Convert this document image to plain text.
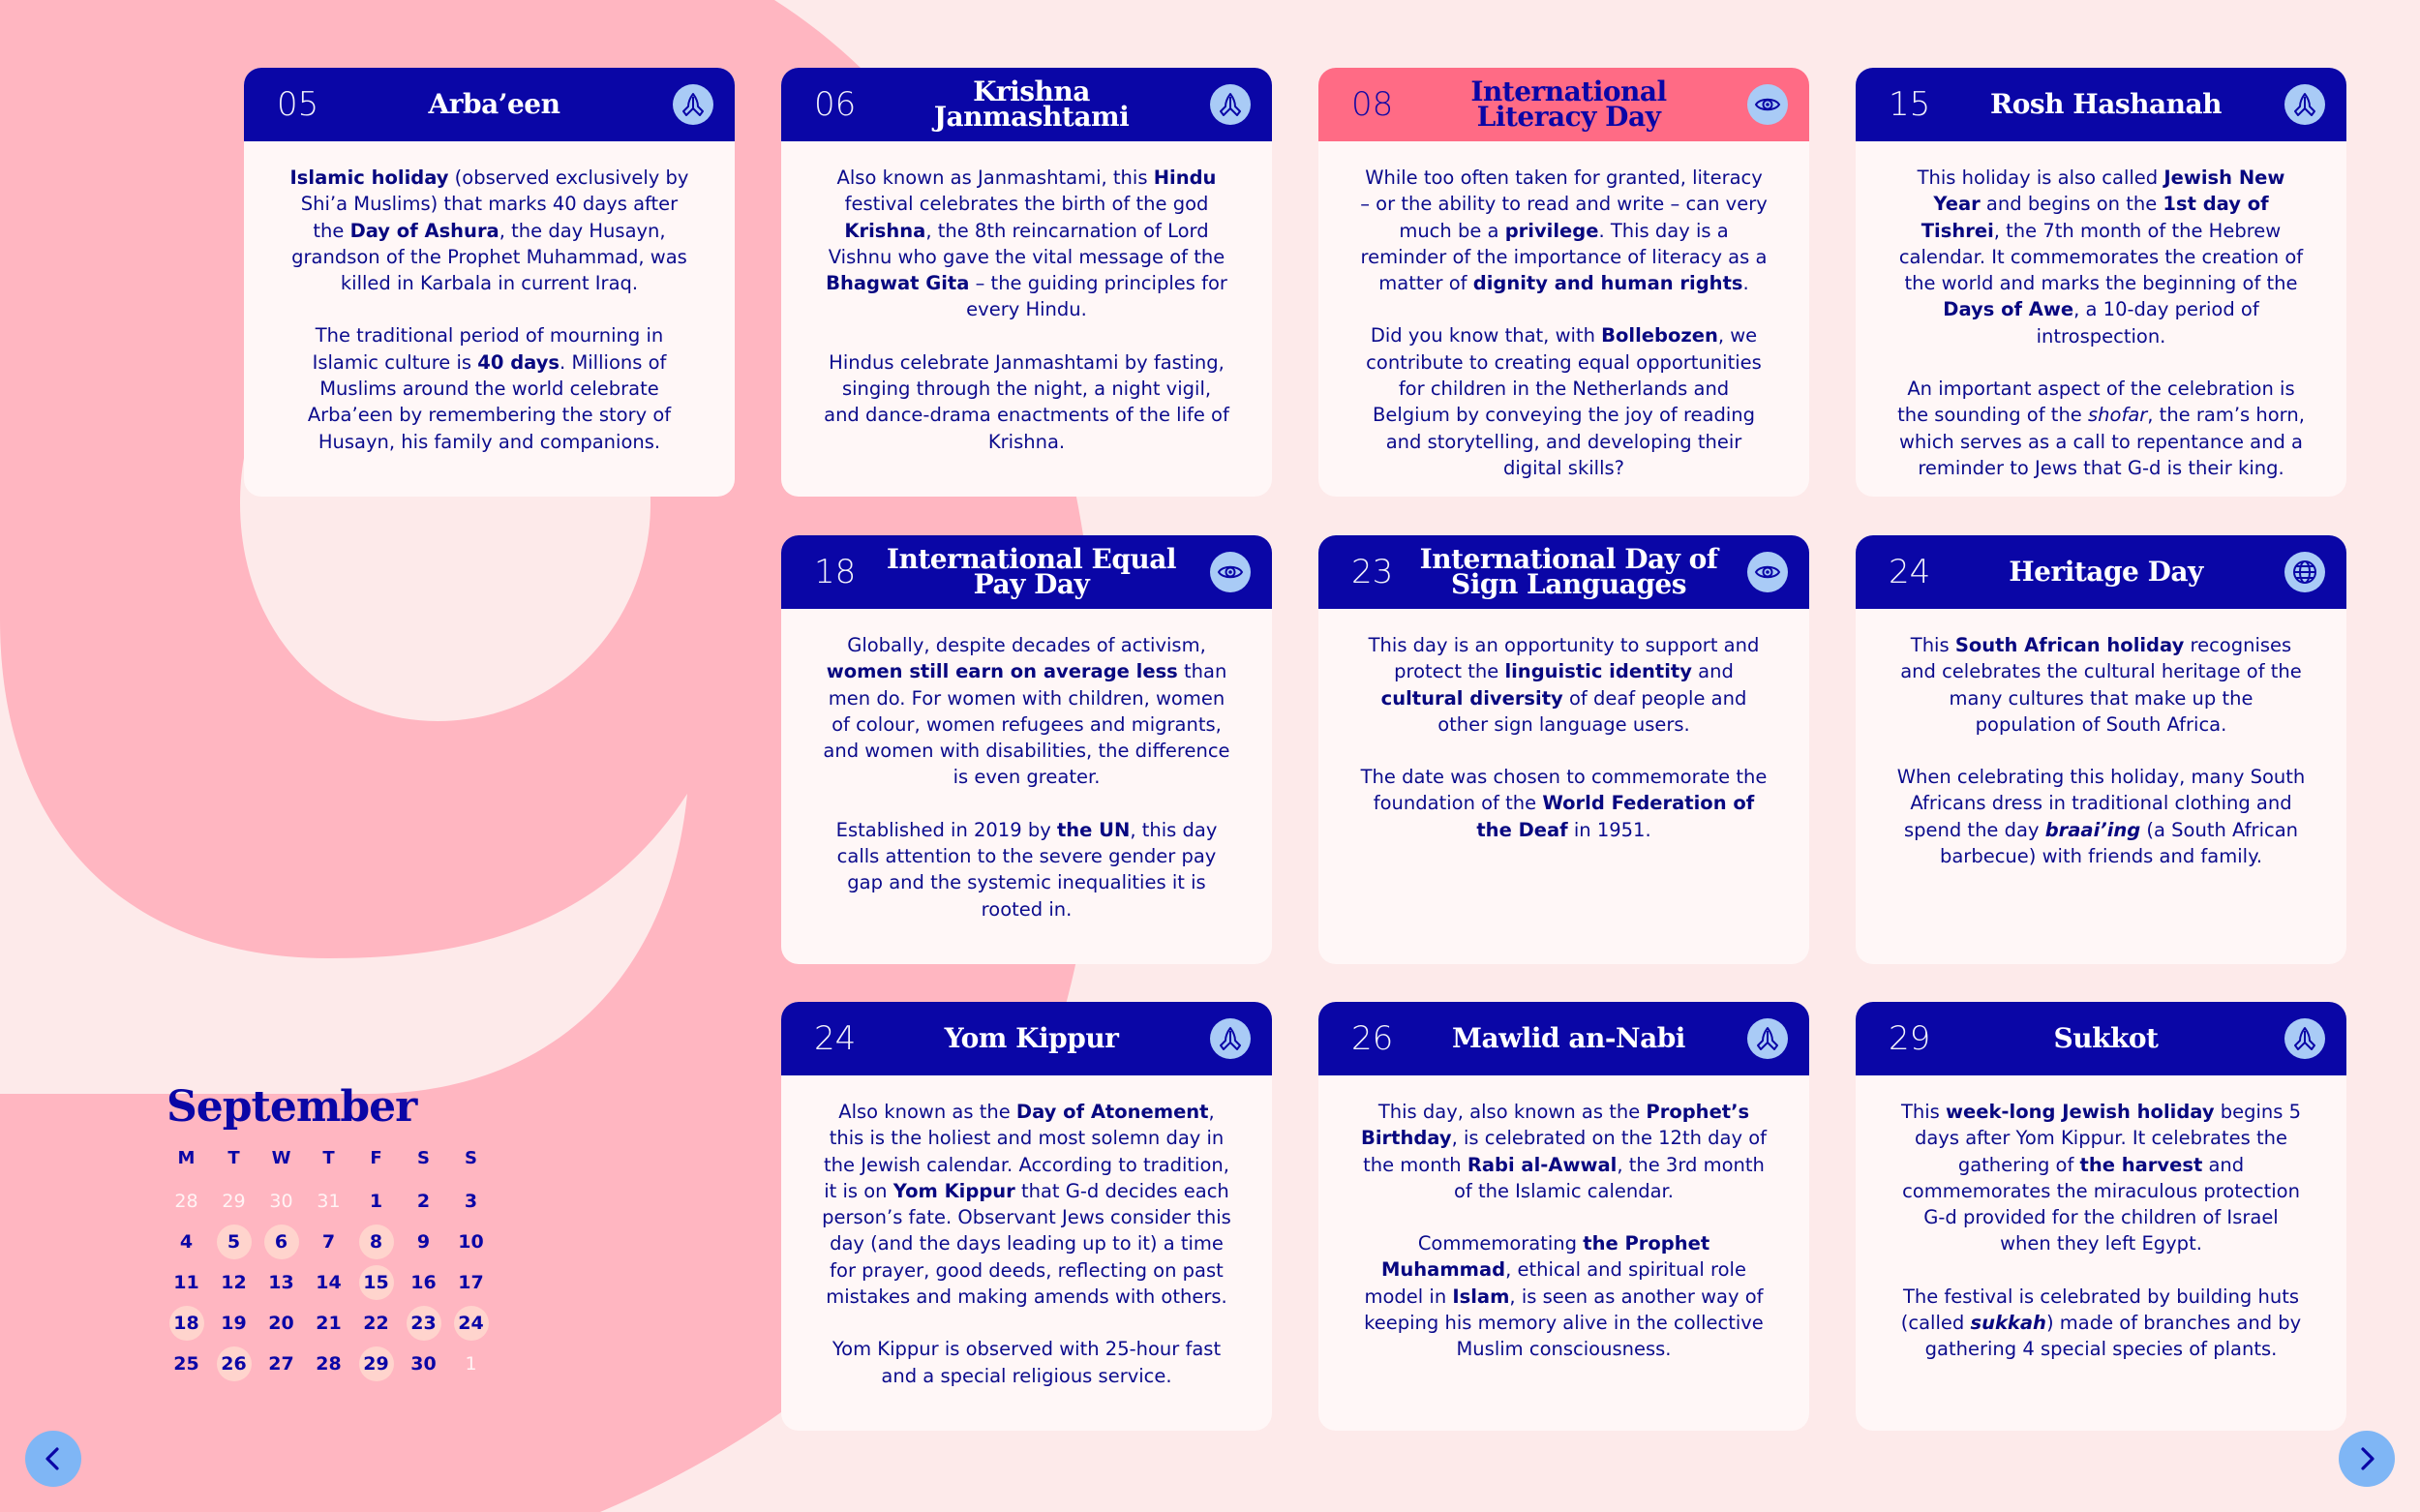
05	Arba’een

Islamic holiday (observed exclusively by Shi’a Muslims) that marks 40 days after the Day of Ashura, the day Husayn, grandson of the Prophet Muhammad, was killed in Karbala in current Iraq.

The traditional period of mourning in Islamic culture is 40 days. Millions of Muslims around the world celebrate Arba’een by remembering the story of Husayn, his family and companions.

06	Krishna Janmashtami

Also known as Janmashtami, this Hindu festival celebrates the birth of the god Krishna, the 8th reincarnation of Lord Vishnu who gave the vital message of the Bhagwat Gita – the guiding principles for every Hindu.

Hindus celebrate Janmashtami by fasting, singing through the night, a night vigil, and dance-drama enactments of the life of Krishna.

08	International Literacy Day

While too often taken for granted, literacy – or the ability to read and write – can very much be a privilege. This day is a reminder of the importance of literacy as a matter of dignity and human rights.

Did you know that, with Bollebozen, we contribute to creating equal opportunities for children in the Netherlands and Belgium by conveying the joy of reading and storytelling, and developing their digital skills?

15	Rosh Hashanah

This holiday is also called Jewish New Year and begins on the 1st day of Tishrei, the 7th month of the Hebrew calendar. It commemorates the creation of the world and marks the beginning of the Days of Awe, a 10-day period of introspection.

An important aspect of the celebration is the sounding of the shofar, the ram’s horn, which serves as a call to repentance and a reminder to Jews that G-d is their king.

18	International Equal Pay Day

Globally, despite decades of activism, women still earn on average less than men do. For women with children, women of colour, women refugees and migrants, and women with disabilities, the difference is even greater.

Established in 2019 by the UN, this day calls attention to the severe gender pay gap and the systemic inequalities it is rooted in.

23 International Day of Sign Languages

This day is an opportunity to support and protect the linguistic identity and cultural diversity of deaf people and other sign language users.

The date was chosen to commemorate the foundation of the World Federation of the Deaf in 1951.

24	Heritage Day

This South African holiday recognises and celebrates the cultural heritage of the many cultures that make up the population of South Africa.

When celebrating this holiday, many South Africans dress in traditional clothing and spend the day braai’ing (a South African barbecue) with friends and family.

24	Yom Kippur

Also known as the Day of Atonement, this is the holiest and most solemn day in the Jewish calendar. According to tradition, it is on Yom Kippur that G-d decides each person’s fate. Observant Jews consider this day (and the days leading up to it) a time for prayer, good deeds, reflecting on past mistakes and making amends with others.

Yom Kippur is observed with 25-hour fast and a special religious service.

26	Mawlid an-Nabi

This day, also known as the Prophet’s Birthday, is celebrated on the 12th day of the month Rabi al-Awwal, the 3rd month of the Islamic calendar.

Commemorating the Prophet Muhammad, ethical and spiritual role model in Islam, is seen as another way of keeping his memory alive in the collective Muslim consciousness.

29	Sukkot

This week-long Jewish holiday begins 5 days after Yom Kippur. It celebrates the gathering of the harvest and commemorates the miraculous protection G-d provided for the children of Israel when they left Egypt.

The festival is celebrated by building huts (called sukkah) made of branches and by gathering 4 special species of plants.

September
M	T	W	T	F	S	S
28	29	30	31	1	2	3
4	5	6	7	8	9	10
11 12 13 14 15 16 17
18 19 20 21 22 23 24
25 26 27 28 29 30	1
